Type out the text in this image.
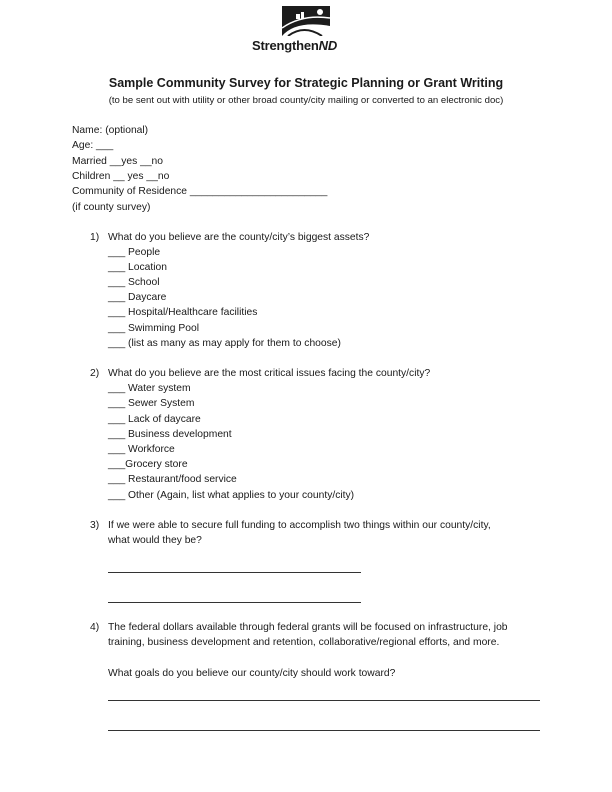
StrengthenND
Sample Community Survey for Strategic Planning or Grant Writing
(to be sent out with utility or other broad county/city mailing or converted to an electronic doc)
Name: (optional)
Age: ___
Married __yes __no
Children __ yes __no
Community of Residence ________________________
(if county survey)
1) What do you believe are the county/city’s biggest assets?
___ People
___ Location
___ School
___ Daycare
___ Hospital/Healthcare facilities
___ Swimming Pool
___ (list as many as may apply for them to choose)
2) What do you believe are the most critical issues facing the county/city?
___ Water system
___ Sewer System
___ Lack of daycare
___ Business development
___ Workforce
___Grocery store
___ Restaurant/food service
___ Other (Again, list what applies to your county/city)
3) If we were able to secure full funding to accomplish two things within our county/city,
what would they be?
4) The federal dollars available through federal grants will be focused on infrastructure, job
training, business development and retention, collaborative/regional efforts, and more.
What goals do you believe our county/city should work toward?
